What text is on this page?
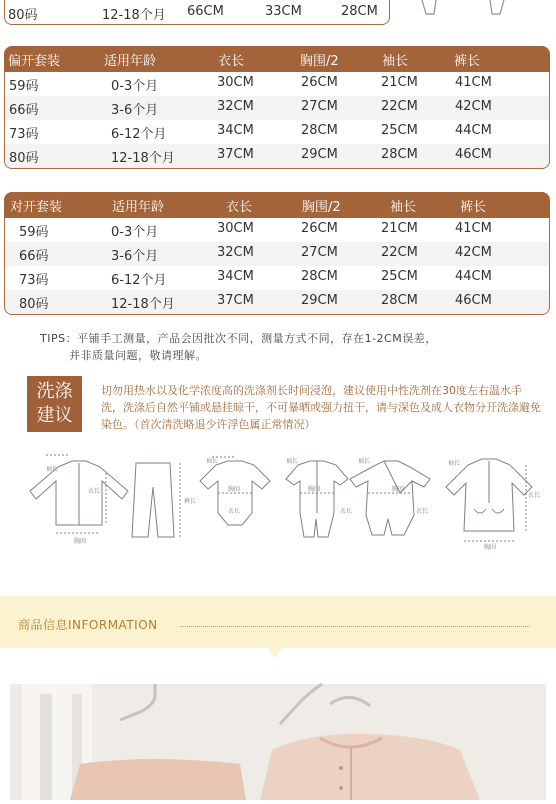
80码	12-18个月 66CM	33CM	28CM
偏开套装	适用年龄	衣长	胸围/2	袖长	裤长
59码	0-3个月	30CM	26CM	21CM	41CM
66码	3-6个月	32CM	27CM	22CM	42CM
73码	6-12个月	34CM	28CM	25CM	44CM
80码	12-18个月	37CM	29CM	28CM	46CM
对开套装	适用年龄	衣长	胸围/2	袖长	裤长
59码	0-3个月	30CM	26CM	21CM	41CM
66码	3-6个月	32CM	27CM	22CM	42CM
73码	6-12个月	34CM	28CM	25CM	44CM
80码	12-18个月	37CM	29CM	28CM	46CM
TIPS：平铺手工测量，产品会因批次不同，测量方式不同，存在1-2CM误差，
并非质量问题，敬请理解。
洗涤
建议
切勿用热水以及化学浓度高的洗涤剂长时间浸泡，建议使用中性洗剂在30度左右温水手洗，洗涤后自然平铺或悬挂晾干，不可暴晒或强力扭干，请与深色及成人衣物分开洗涤避免染色。（首次清洗略退少许浮色属正常情况）
袖长
衣长
胸围
裤长
袖长
胸围
衣长
袖长
胸围
衣长
袖长
胸围
衣长
袖长
衣长
胸围
商品信息INFORMATION
